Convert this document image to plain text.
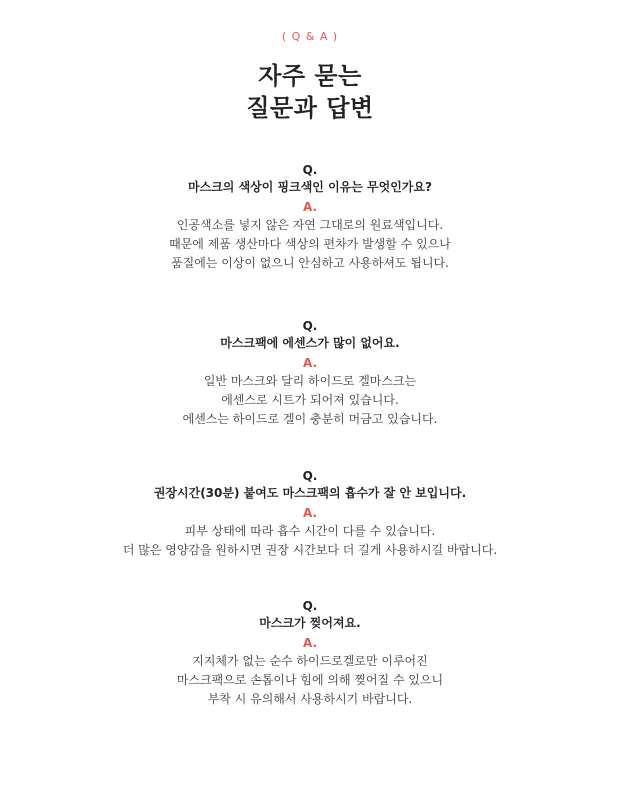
( Q & A )
자주 묻는
질문과 답변
Q.
마스크의 색상이 핑크색인 이유는 무엇인가요?
A.
인공색소를 넣지 않은 자연 그대로의 원료색입니다.
때문에 제품 생산마다 색상의 편차가 발생할 수 있으나
품질에는 이상이 없으니 안심하고 사용하셔도 됩니다.
Q.
마스크팩에 에센스가 많이 없어요.
A.
일반 마스크와 달리 하이드로 겔마스크는
에센스로 시트가 되어져 있습니다.
에센스는 하이드로 겔이 충분히 머금고 있습니다.
Q.
권장시간(30분) 붙여도 마스크팩의 흡수가 잘 안 보입니다.
A.
피부 상태에 따라 흡수 시간이 다를 수 있습니다.
더 많은 영양감을 원하시면 권장 시간보다 더 길게 사용하시길 바랍니다.
Q.
마스크가 찢어져요.
A.
지지체가 없는 순수 하이드로겔로만 이루어진
마스크팩으로 손톱이나 힘에 의해 찢어질 수 있으니
부착 시 유의해서 사용하시기 바랍니다.
